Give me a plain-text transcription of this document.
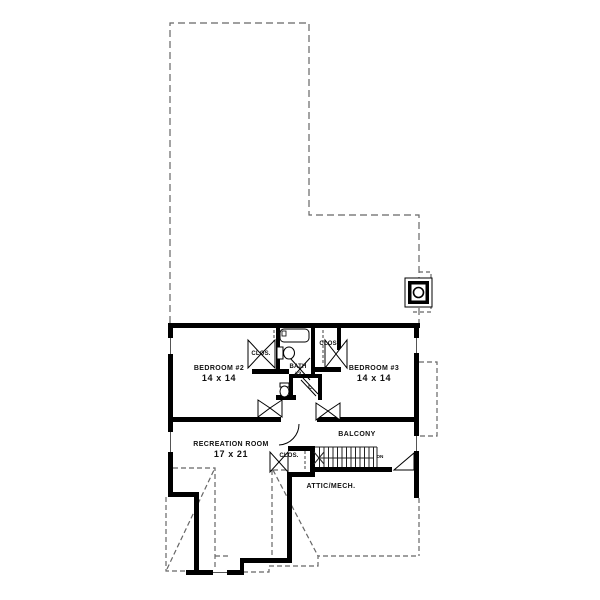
BEDROOM #2
14 x 14
BEDROOM #3
14 x 14
RECREATION ROOM
17 x 21
BALCONY
ATTIC/MECH.
CLOS.
CLOS.
CLOS.
BATH
#3
L.
DN
